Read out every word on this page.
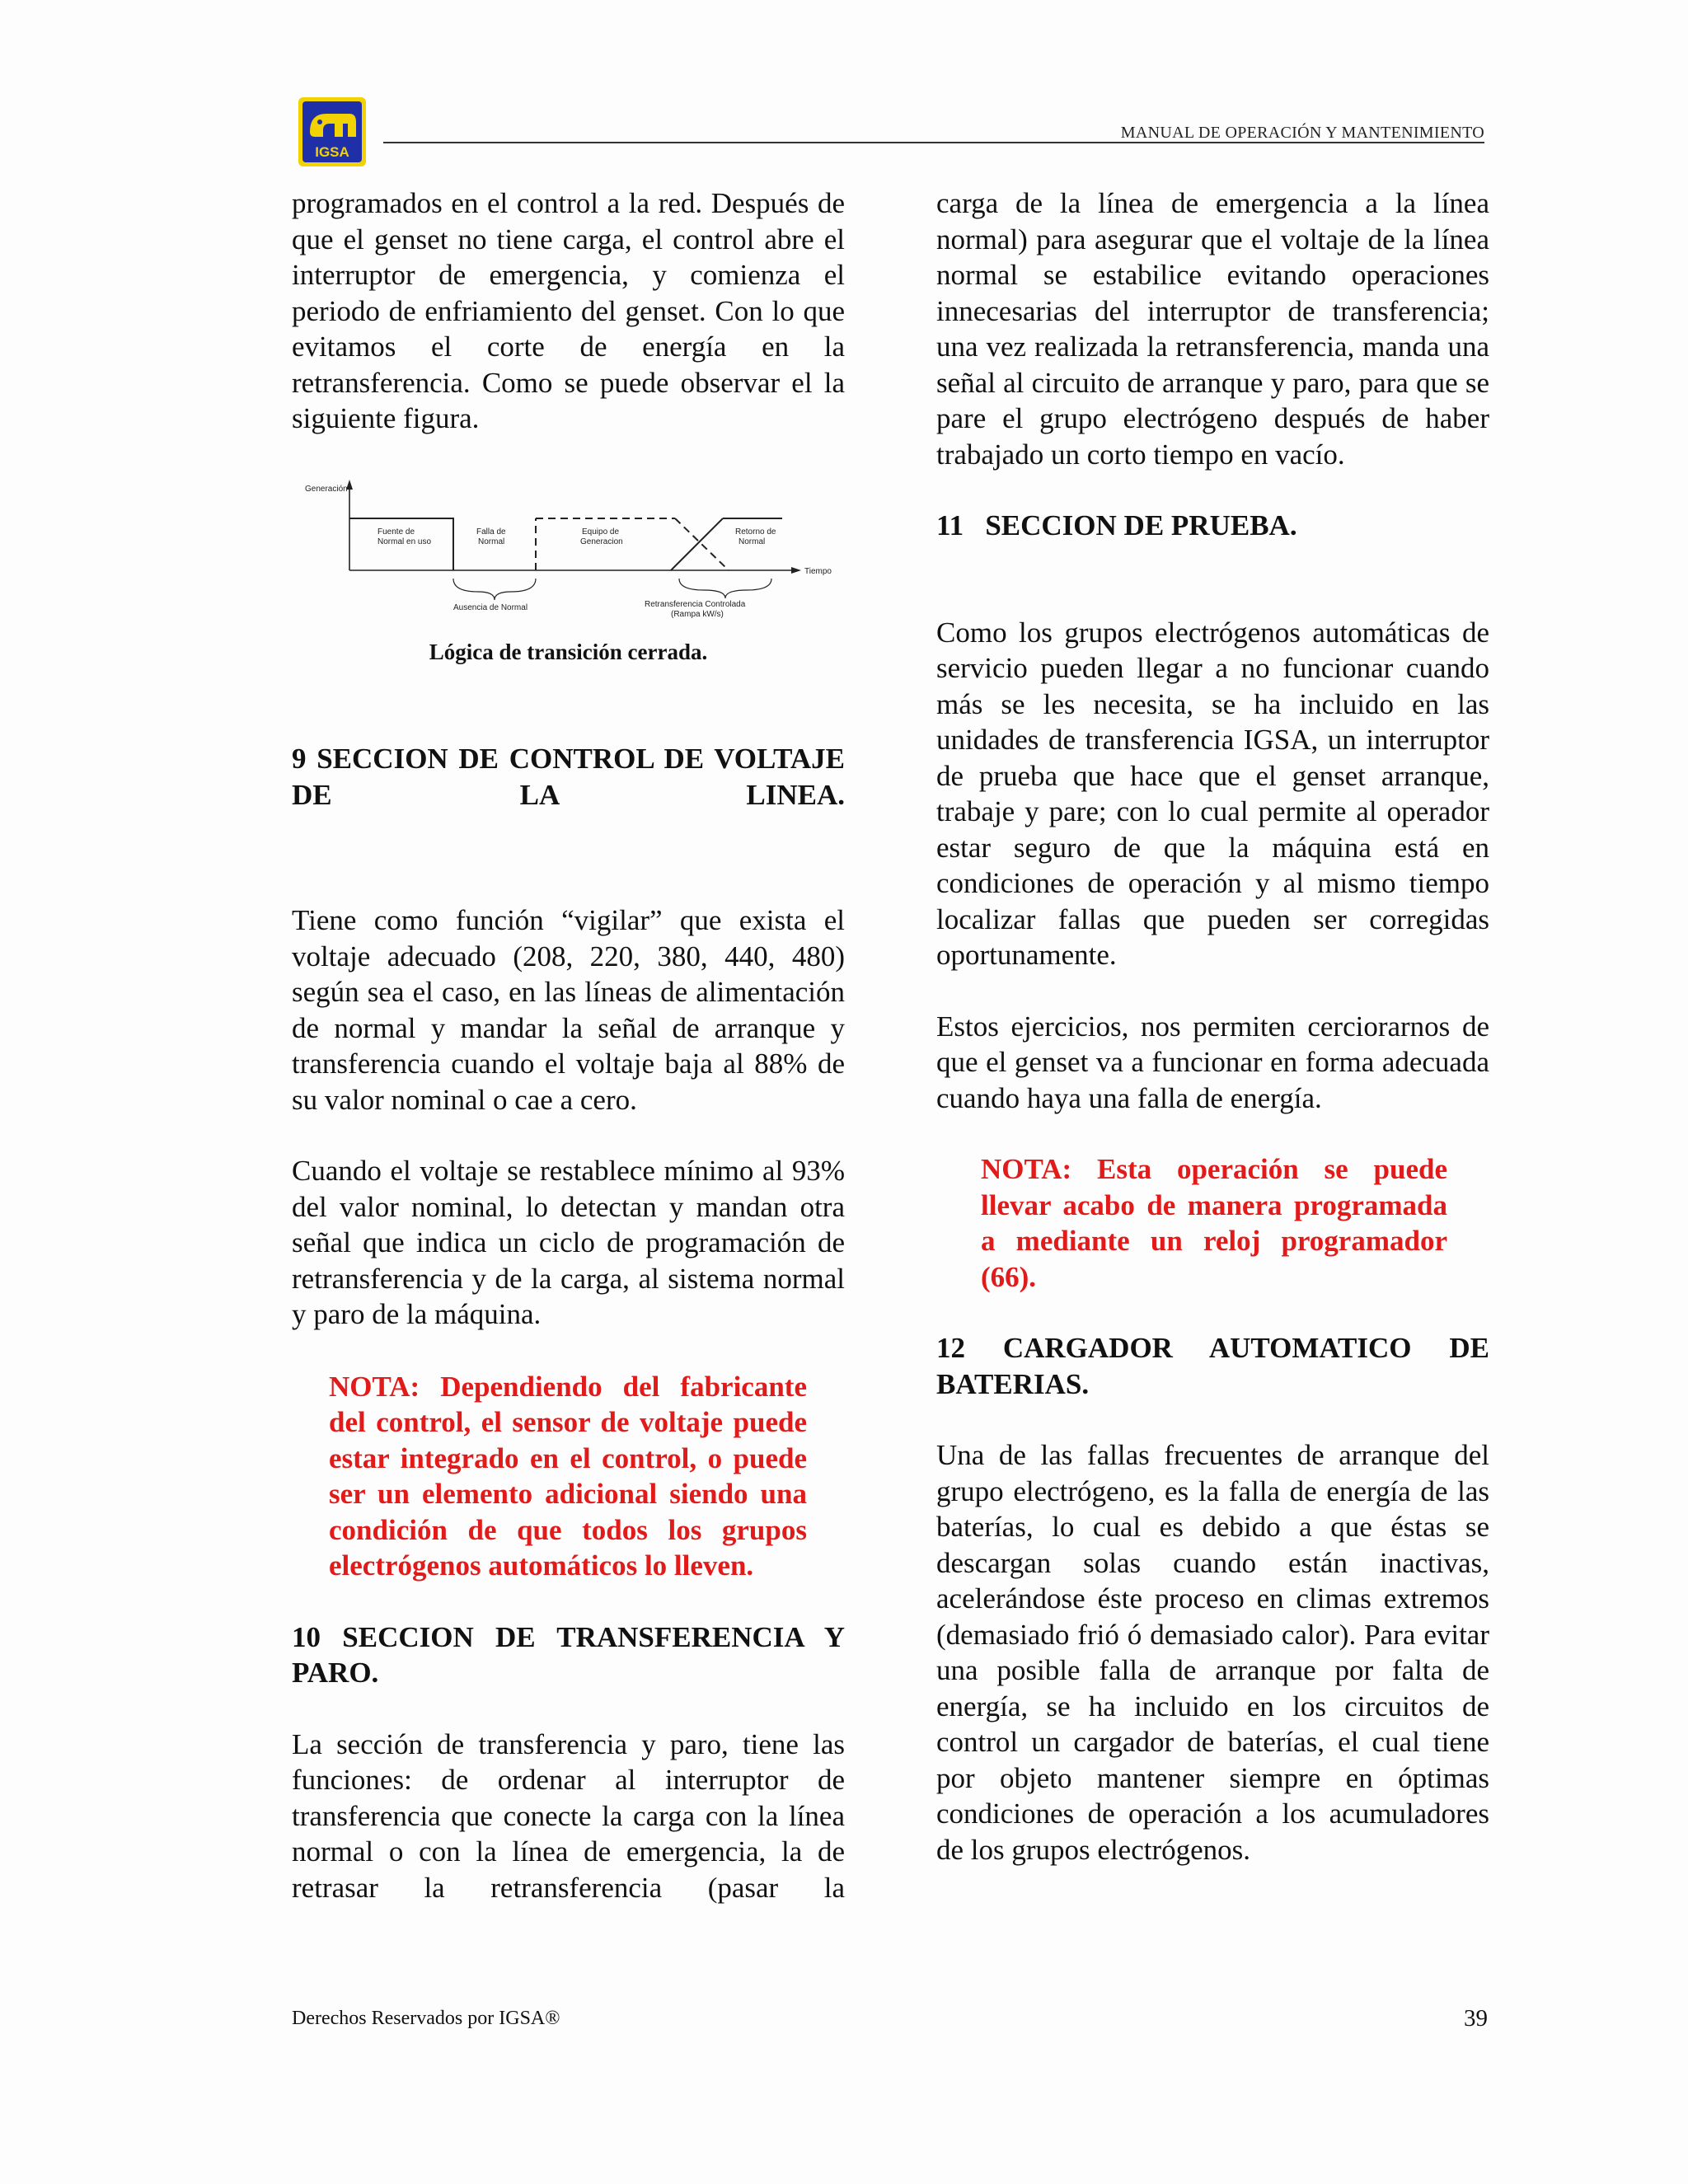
IGSA
MANUAL DE OPERACIÓN Y MANTENIMIENTO

programados en el control a la red. Después de que el genset no tiene carga, el control abre el interruptor de emergencia, y comienza el periodo de enfriamiento del genset. Con lo que evitamos el corte de energía en la retransferencia. Como se puede observar el la siguiente figura.

Generación
Tiempo
Fuente de
Normal en uso
Falla de
Normal
Equipo de
Generacion
Retorno de
Normal
Ausencia de Normal	Retransferencia Controlada
(Rampa kW/s)
Lógica de transición cerrada.

9 SECCION DE CONTROL DE VOLTAJE DE LA LINEA.

Tiene como función “vigilar” que exista el voltaje adecuado (208, 220, 380, 440, 480) según sea el caso, en las líneas de alimentación de normal y mandar la señal de arranque y transferencia cuando el voltaje baja al 88% de su valor nominal o cae a cero.

Cuando el voltaje se restablece mínimo al 93% del valor nominal, lo detectan y mandan otra señal que indica un ciclo de programación de retransferencia y de la carga, al sistema normal y paro de la máquina.

NOTA: Dependiendo del fabricante del control, el sensor de voltaje puede estar integrado en el control, o puede ser un elemento adicional siendo una condición de que todos los grupos electrógenos automáticos lo lleven.

10 SECCION DE TRANSFERENCIA Y PARO.

La sección de transferencia y paro, tiene las funciones: de ordenar al interruptor de transferencia que conecte la carga con la línea normal o con la línea de emergencia, la de retrasar la retransferencia (pasar la

carga de la línea de emergencia a la línea normal) para asegurar que el voltaje de la línea normal se estabilice evitando operaciones innecesarias del interruptor de transferencia; una vez realizada la retransferencia, manda una señal al circuito de arranque y paro, para que se pare el grupo electrógeno después de haber trabajado un corto tiempo en vacío.

11   SECCION DE PRUEBA.

Como los grupos electrógenos automáticas de servicio pueden llegar a no funcionar cuando más se les necesita, se ha incluido en las unidades de transferencia IGSA, un interruptor de prueba que hace que el genset arranque, trabaje y pare; con lo cual permite al operador estar seguro de que la máquina está en condiciones de operación y al mismo tiempo localizar fallas que pueden ser corregidas oportunamente.

Estos ejercicios, nos permiten cerciorarnos de que el genset va a funcionar en forma adecuada cuando haya una falla de energía.

NOTA: Esta operación se puede llevar acabo de manera programada a mediante un reloj programador (66).

12 CARGADOR AUTOMATICO DE BATERIAS.

Una de las fallas frecuentes de arranque del grupo electrógeno, es la falla de energía de las baterías, lo cual es debido a que éstas se descargan solas cuando están inactivas, acelerándose éste proceso en climas extremos (demasiado frió ó demasiado calor). Para evitar una posible falla de arranque por falta de energía, se ha incluido en los circuitos de control un cargador de baterías, el cual tiene por objeto mantener siempre en óptimas condiciones de operación a los acumuladores de los grupos electrógenos.

Derechos Reservados por IGSA®	39
